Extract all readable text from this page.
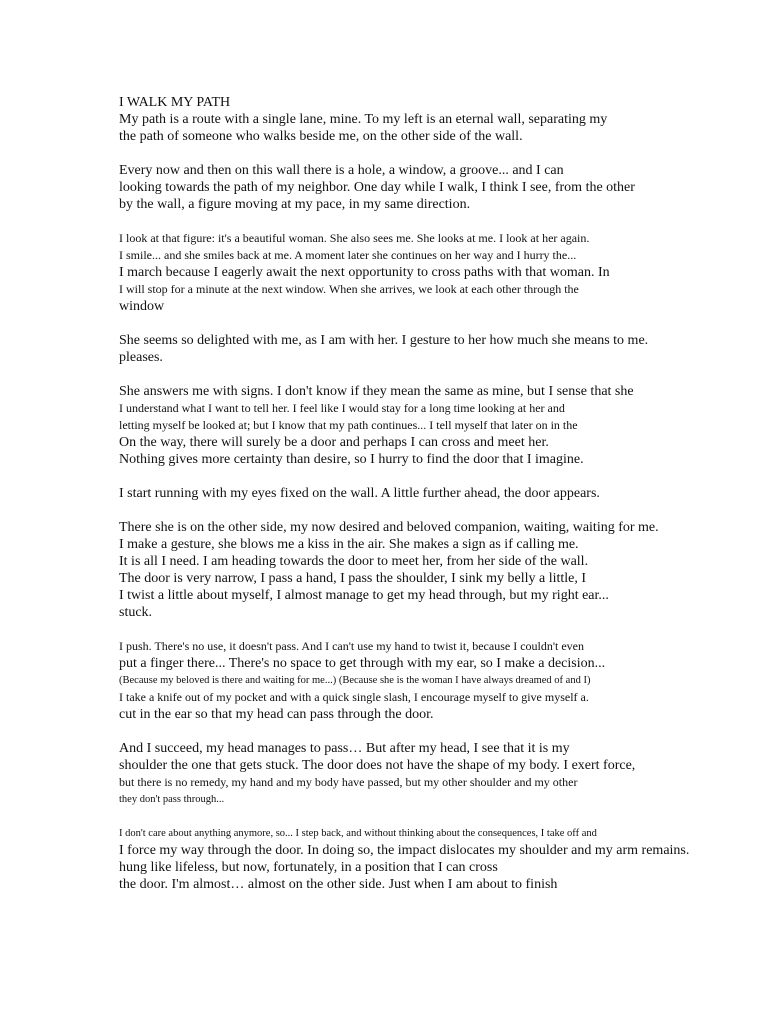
I WALK MY PATH
My path is a route with a single lane, mine. To my left is an eternal wall, separating my
the path of someone who walks beside me, on the other side of the wall.
Every now and then on this wall there is a hole, a window, a groove... and I can
looking towards the path of my neighbor. One day while I walk, I think I see, from the other
by the wall, a figure moving at my pace, in my same direction.
I look at that figure: it's a beautiful woman. She also sees me. She looks at me. I look at her again.
I smile... and she smiles back at me. A moment later she continues on her way and I hurry the...
I march because I eagerly await the next opportunity to cross paths with that woman. In
I will stop for a minute at the next window. When she arrives, we look at each other through the
window
She seems so delighted with me, as I am with her. I gesture to her how much she means to me.
pleases.
She answers me with signs. I don't know if they mean the same as mine, but I sense that she
I understand what I want to tell her. I feel like I would stay for a long time looking at her and
letting myself be looked at; but I know that my path continues... I tell myself that later on in the
On the way, there will surely be a door and perhaps I can cross and meet her.
Nothing gives more certainty than desire, so I hurry to find the door that I imagine.
I start running with my eyes fixed on the wall. A little further ahead, the door appears.
There she is on the other side, my now desired and beloved companion, waiting, waiting for me.
I make a gesture, she blows me a kiss in the air. She makes a sign as if calling me.
It is all I need. I am heading towards the door to meet her, from her side of the wall.
The door is very narrow, I pass a hand, I pass the shoulder, I sink my belly a little, I
I twist a little about myself, I almost manage to get my head through, but my right ear...
stuck.
I push. There's no use, it doesn't pass. And I can't use my hand to twist it, because I couldn't even
put a finger there... There's no space to get through with my ear, so I make a decision...
(Because my beloved is there and waiting for me...) (Because she is the woman I have always dreamed of and I)
I take a knife out of my pocket and with a quick single slash, I encourage myself to give myself a.
cut in the ear so that my head can pass through the door.
And I succeed, my head manages to pass… But after my head, I see that it is my
shoulder the one that gets stuck. The door does not have the shape of my body. I exert force,
but there is no remedy, my hand and my body have passed, but my other shoulder and my other
they don't pass through...
I don't care about anything anymore, so... I step back, and without thinking about the consequences, I take off and
I force my way through the door. In doing so, the impact dislocates my shoulder and my arm remains.
hung like lifeless, but now, fortunately, in a position that I can cross
the door. I'm almost… almost on the other side. Just when I am about to finish
